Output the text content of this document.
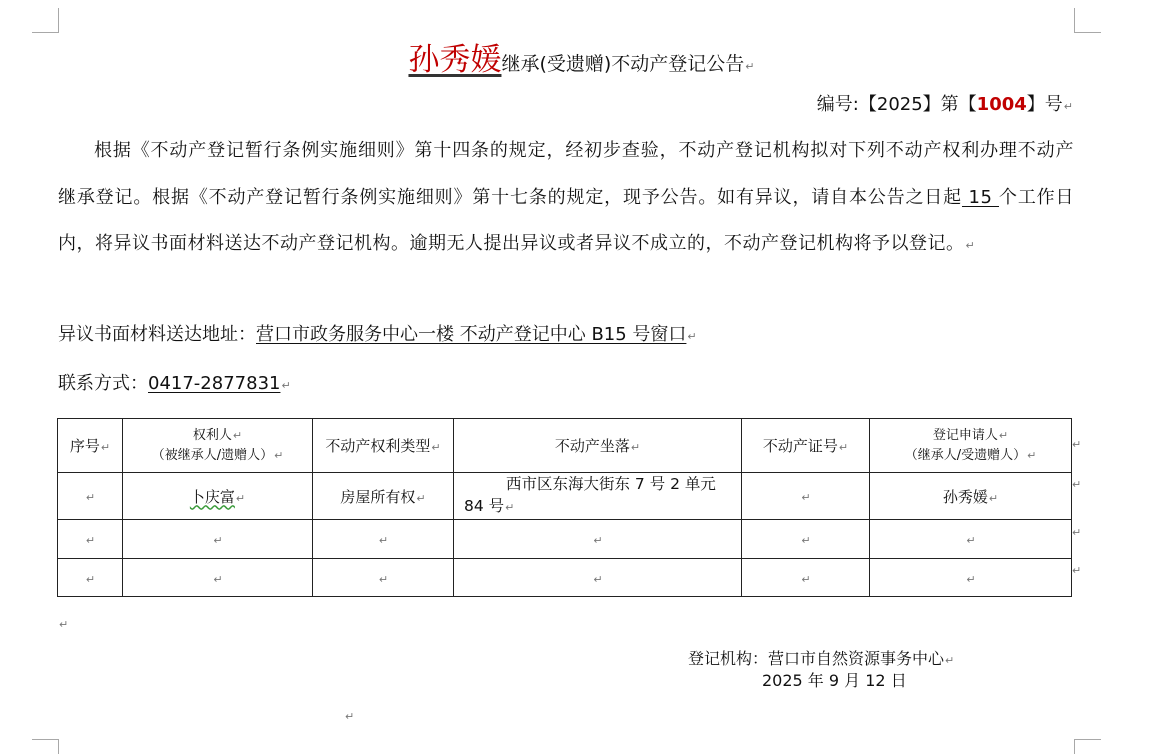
孙秀媛继承(受遗赠)不动产登记公告↵
编号:【2025】第【1004】号↵

根据《不动产登记暂行条例实施细则》第十四条的规定，经初步查验，不动产登记机构拟对下列不动产权利办理不动产继承登记。根据《不动产登记暂行条例实施细则》第十七条的规定，现予公告。如有异议，请自本公告之日起 15 个工作日内，将异议书面材料送达不动产登记机构。逾期无人提出异议或者异议不成立的，不动产登记机构将予以登记。↵

异议书面材料送达地址：营口市政务服务中心一楼 不动产登记中心 B15 号窗口↵
联系方式：0417-2877831↵
序号↵	权利人↵
（被继承人/遗赠人）↵	不动产权利类型↵	不动产坐落↵	不动产证号↵	登记申请人↵
（继承人/受遗赠人）↵
↵	卜庆富↵	房屋所有权↵	西市区东海大街东 7 号 2 单元
84 号↵	↵	孙秀媛↵
↵	↵	↵	↵	↵	↵
↵	↵	↵	↵	↵	↵
↵
↵
↵
↵
↵
登记机构：营口市自然资源事务中心↵
2025 年 9 月 12 日
↵
